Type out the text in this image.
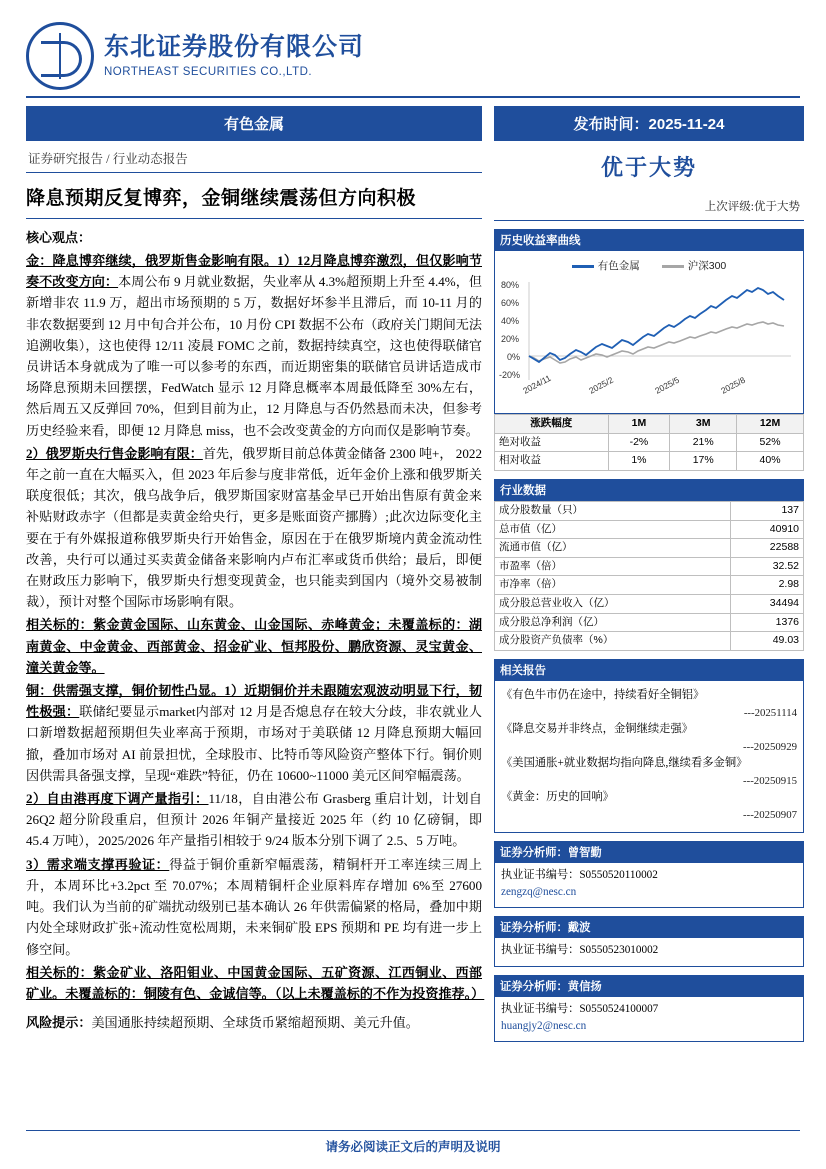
东北证券股份有限公司
NORTHEAST SECURITIES CO.,LTD.
有色金属
证券研究报告 / 行业动态报告
降息预期反复博弈，金铜继续震荡但方向积极
核心观点：

金：降息博弈继续，俄罗斯售金影响有限。1）12月降息博弈激烈，但仅影响节奏不改变方向：本周公布 9 月就业数据，失业率从 4.3%超预期上升至 4.4%，但新增非农 11.9 万，超出市场预期的 5 万，数据好坏参半且滞后，而 10-11 月的非农数据要到 12 月中旬合并公布，10 月份 CPI 数据不公布（政府关门期间无法追溯收集），这也使得 12/11 凌晨 FOMC 之前，数据持续真空，这也使得联储官员讲话本身就成为了唯一可以参考的东西，而近期密集的联储官员讲话造成市场降息预期未回摆摆，FedWatch 显示 12 月降息概率本周最低降至 30%左右，然后周五又反弹回 70%，但到目前为止，12 月降息与否仍然悬而未决，但参考历史经验来看，即便 12 月降息 miss，也不会改变黄金的方向而仅是影响节奏。

2）俄罗斯央行售金影响有限：首先，俄罗斯目前总体黄金储备 2300 吨+， 2022 年之前一直在大幅买入，但 2023 年后参与度非常低，近年金价上涨和俄罗斯关联度很低；其次，俄乌战争后，俄罗斯国家财富基金早已开始出售原有黄金来补贴财政赤字（但都是卖黄金给央行，更多是账面资产挪腾）;此次边际变化主要在于有外媒报道称俄罗斯央行开始售金，原因在于在俄罗斯境内黄金流动性改善，央行可以通过买卖黄金储备来影响内卢布汇率或货币供给；最后，即便在财政压力影响下，俄罗斯央行想变现黄金，也只能卖到国内（境外交易被制裁），预计对整个国际市场影响有限。

相关标的：紫金黄金国际、山东黄金、山金国际、赤峰黄金；未覆盖标的：湖南黄金、中金黄金、西部黄金、招金矿业、恒邦股份、鹏欣资源、灵宝黄金、潼关黄金等。

铜：供需强支撑，铜价韧性凸显。1）近期铜价并未跟随宏观波动明显下行，韧性极强：联储纪要显示market内部对 12 月是否熄息存在较大分歧，非农就业人口新增数据超预期但失业率高于预期，市场对于美联储 12 月降息预期大幅回撤，叠加市场对 AI 前景担忧，全球股市、比特币等风险资产整体下行。铜价则因供需具备强支撑，呈现“难跌”特征，仍在 10600~11000 美元区间窄幅震荡。

2）自由港再度下调产量指引：11/18，自由港公布 Grasberg 重启计划，计划自 26Q2 超分阶段重启，但预计 2026 年铜产量接近 2025 年（约 10 亿磅铜，即 45.4 万吨），2025/2026 年产量指引相较于 9/24 版本分别下调了 2.5、5 万吨。

3）需求端支撑再验证：得益于铜价重新窄幅震荡，精铜杆开工率连续三周上升，本周环比+3.2pct 至 70.07%；本周精铜杆企业原料库存增加 6%至 27600 吨。我们认为当前的矿端扰动级别已基本确认 26 年供需偏紧的格局，叠加中期内处全球财政扩张+流动性宽松周期，未来铜矿股 EPS 预期和 PE 均有进一步上修空间。

相关标的：紫金矿业、洛阳钼业、中国黄金国际、五矿资源、江西铜业、西部矿业。未覆盖标的：铜陵有色、金诚信等。（以上未覆盖标的不作为投资推荐。）

风险提示：美国通胀持续超预期、全球货币紧缩超预期、美元升值。

发布时间：2025-11-24
优于大势
上次评级:优于大势
历史收益率曲线
有色金属	沪深300
80%
60%
40%
20%
0%
-20% 2024/11	2025/2	2025/5	2025/8
涨跌幅度	1M	3M	12M
绝对收益	-2%	21%	52%
相对收益	1%	17%	40%
行业数据
成分股数量（只）	137
总市值（亿）	40910
流通市值（亿）	22588
市盈率（倍）	32.52
市净率（倍）	2.98
成分股总营业收入（亿）	34494
成分股总净利润（亿）	1376
成分股资产负债率（%）	49.03
相关报告
《有色牛市仍在途中，持续看好全铜铝》
---20251114
《降息交易并非终点，金铜继续走强》
---20250929
《美国通胀+就业数据均指向降息,继续看多金铜》
---20250915
《黄金：历史的回响》
---20250907
证券分析师：曾智勤
执业证书编号：S0550520110002
zengzq@nesc.cn
证券分析师：戴波
执业证书编号：S0550523010002
证券分析师：黄信扬
执业证书编号：S0550524100007
huangjy2@nesc.cn
请务必阅读正文后的声明及说明
